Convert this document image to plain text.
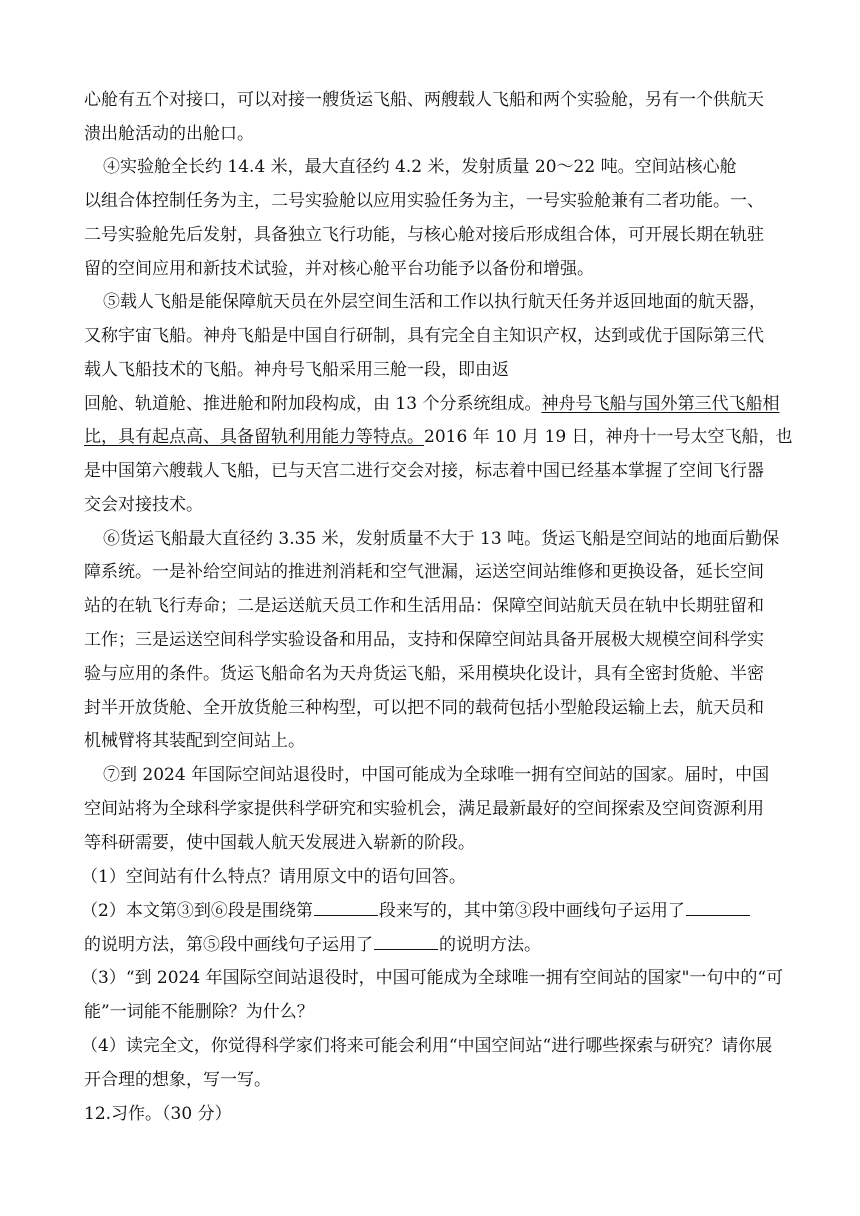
心舱有五个对接口，可以对接一艘货运飞船、两艘载人飞船和两个实验舱，另有一个供航天
溃出舱活动的出舱口。
④实验舱全长约 14.4 米，最大直径约 4.2 米，发射质量 20～22 吨。空间站核心舱
以组合体控制任务为主，二号实验舱以应用实验任务为主，一号实验舱兼有二者功能。一、
二号实验舱先后发射，具备独立飞行功能，与核心舱对接后形成组合体，可开展长期在轨驻
留的空间应用和新技术试验，并对核心舱平台功能予以备份和增强。
⑤载人飞船是能保障航天员在外层空间生活和工作以执行航天任务并返回地面的航天器，
又称宇宙飞船。神舟飞船是中国自行研制，具有完全自主知识产权，达到或优于国际第三代
载人飞船技术的飞船。神舟号飞船采用三舱一段，即由返
回舱、轨道舱、推进舱和附加段构成，由 13 个分系统组成。神舟号飞船与国外第三代飞船相
比，具有起点高、具备留轨利用能力等特点。2016 年 10 月 19 日，神舟十一号太空飞船，也
是中国第六艘载人飞船，已与天宫二进行交会对接，标志着中国已经基本掌握了空间飞行器
交会对接技术。
⑥货运飞船最大直径约 3.35 米，发射质量不大于 13 吨。货运飞船是空间站的地面后勤保
障系统。一是补给空间站的推进剂消耗和空气泄漏，运送空间站维修和更换设备，延长空间
站的在轨飞行寿命；二是运送航天员工作和生活用品：保障空间站航天员在轨中长期驻留和
工作；三是运送空间科学实验设备和用品，支持和保障空间站具备开展极大规模空间科学实
验与应用的条件。货运飞船命名为天舟货运飞船，采用模块化设计，具有全密封货舱、半密
封半开放货舱、全开放货舱三种构型，可以把不同的载荷包括小型舱段运输上去，航天员和
机械臂将其装配到空间站上。
⑦到 2024 年国际空间站退役时，中国可能成为全球唯一拥有空间站的国家。届时，中国
空间站将为全球科学家提供科学研究和实验机会，满足最新最好的空间探索及空间资源利用
等科研需要，使中国载人航天发展进入崭新的阶段。
（1）空间站有什么特点？请用原文中的语句回答。
（2）本文第③到⑥段是围绕第	段来写的，其中第③段中画线句子运用了
的说明方法，第⑤段中画线句子运用了	的说明方法。
（3）“到 2024 年国际空间站退役时，中国可能成为全球唯一拥有空间站的国家"一句中的“可
能”一词能不能删除？为什么？
（4）读完全文，你觉得科学家们将来可能会利用“中国空间站“进行哪些探索与研究？请你展
开合理的想象，写一写。
12.习作。（30 分）
